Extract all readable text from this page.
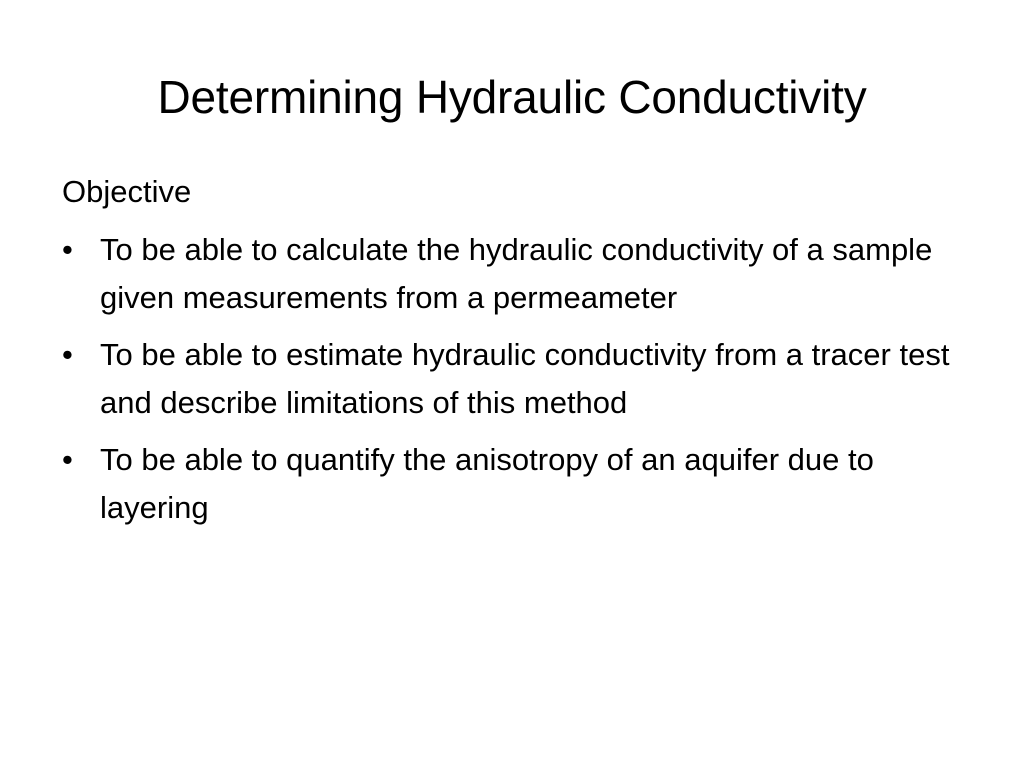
Determining Hydraulic Conductivity
Objective
• To be able to calculate the hydraulic conductivity of a sample given measurements from a permeameter
• To be able to estimate hydraulic conductivity from a tracer test and describe limitations of this method
• To be able to quantify the anisotropy of an aquifer due to layering
